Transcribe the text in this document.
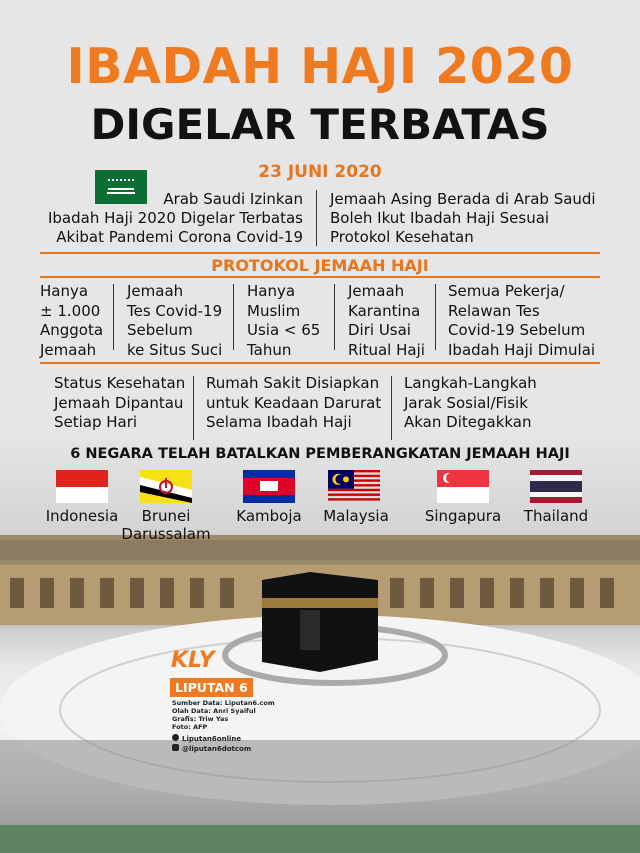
IBADAH HAJI 2020
DIGELAR TERBATAS
23 JUNI 2020
Arab Saudi Izinkan
Ibadah Haji 2020 Digelar Terbatas
Akibat Pandemi Corona Covid-19
Jemaah Asing Berada di Arab Saudi
Boleh Ikut Ibadah Haji Sesuai
Protokol Kesehatan
PROTOKOL JEMAAH HAJI
Hanya
± 1.000
Anggota
Jemaah
Jemaah
Tes Covid-19
Sebelum
ke Situs Suci
Hanya
Muslim
Usia < 65
Tahun
Jemaah
Karantina
Diri Usai
Ritual Haji
Semua Pekerja/
Relawan Tes
Covid-19 Sebelum
Ibadah Haji Dimulai
Status Kesehatan
Jemaah Dipantau
Setiap Hari
Rumah Sakit Disiapkan
untuk Keadaan Darurat
Selama Ibadah Haji
Langkah-Langkah
Jarak Sosial/Fisik
Akan Ditegakkan
6 NEGARA TELAH BATALKAN PEMBERANGKATAN JEMAAH HAJI
Indonesia	Brunei
Darussalam
Kamboja	Malaysia	Singapura	Thailand
KLY
LIPUTAN 6
Sumber Data: Liputan6.com
Olah Data: Anri Syaiful
Grafis: Triw Yas
Foto: AFP
Liputan6online
@liputan6dotcom
